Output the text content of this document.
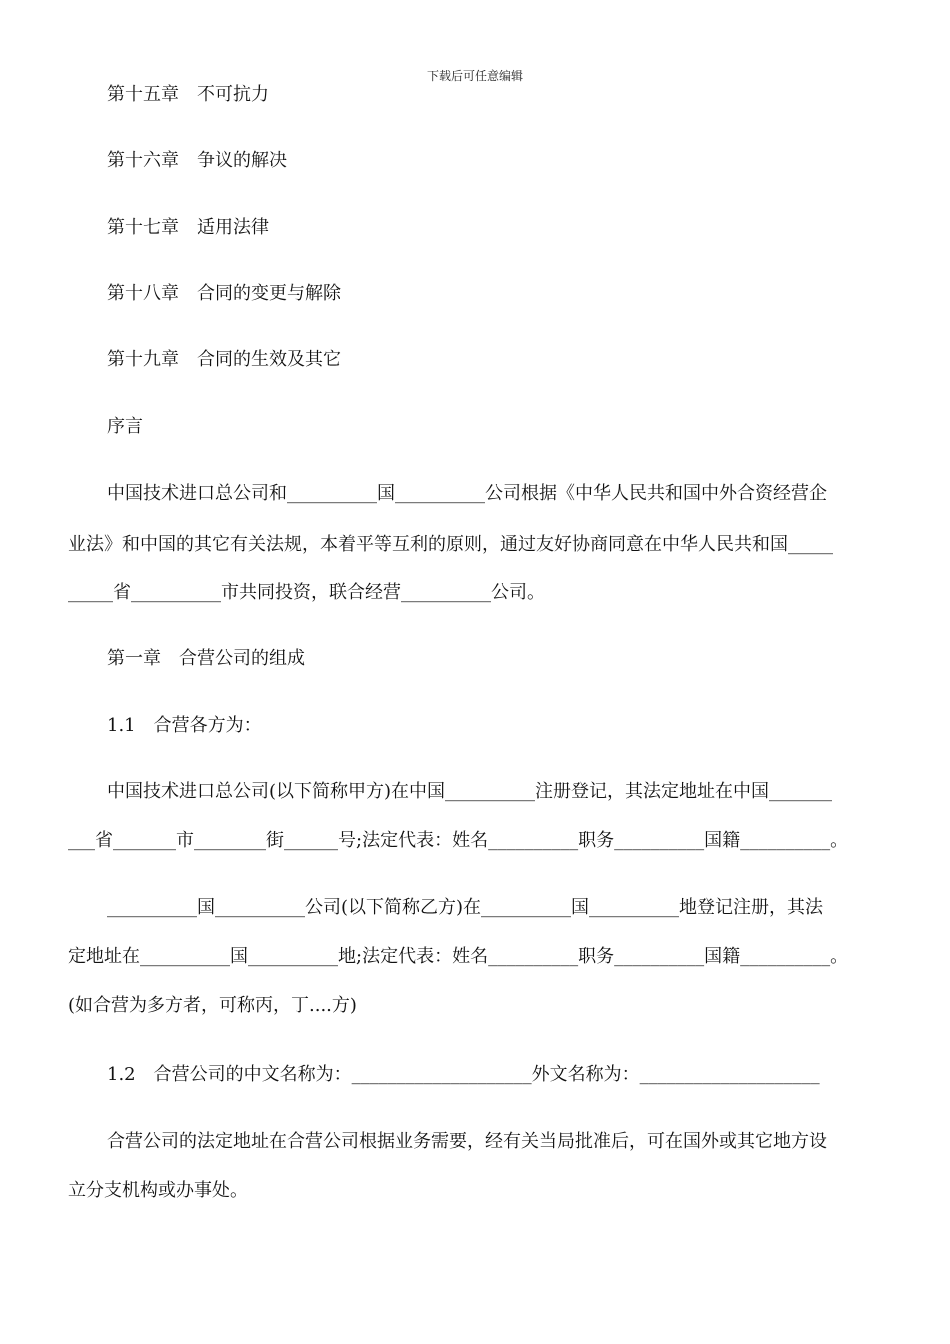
下载后可任意编辑
第十五章　不可抗力
第十六章　争议的解决
第十七章　适用法律
第十八章　合同的变更与解除
第十九章　合同的生效及其它
序言
中国技术进口总公司和__________国__________公司根据《中华人民共和国中外合资经营企
业法》和中国的其它有关法规，本着平等互利的原则，通过友好协商同意在中华人民共和国_____
_____省__________市共同投资，联合经营__________公司。
第一章　合营公司的组成
1.1　合营各方为：
中国技术进口总公司(以下简称甲方)在中国__________注册登记，其法定地址在中国_______
___省_______市________街______号;法定代表：姓名__________职务__________国籍__________。
__________国__________公司(以下简称乙方)在__________国__________地登记注册，其法
定地址在__________国__________地;法定代表：姓名__________职务__________国籍__________。
(如合营为多方者，可称丙，丁....方)
1.2　合营公司的中文名称为：____________________外文名称为：____________________
合营公司的法定地址在合营公司根据业务需要，经有关当局批准后，可在国外或其它地方设
立分支机构或办事处。
